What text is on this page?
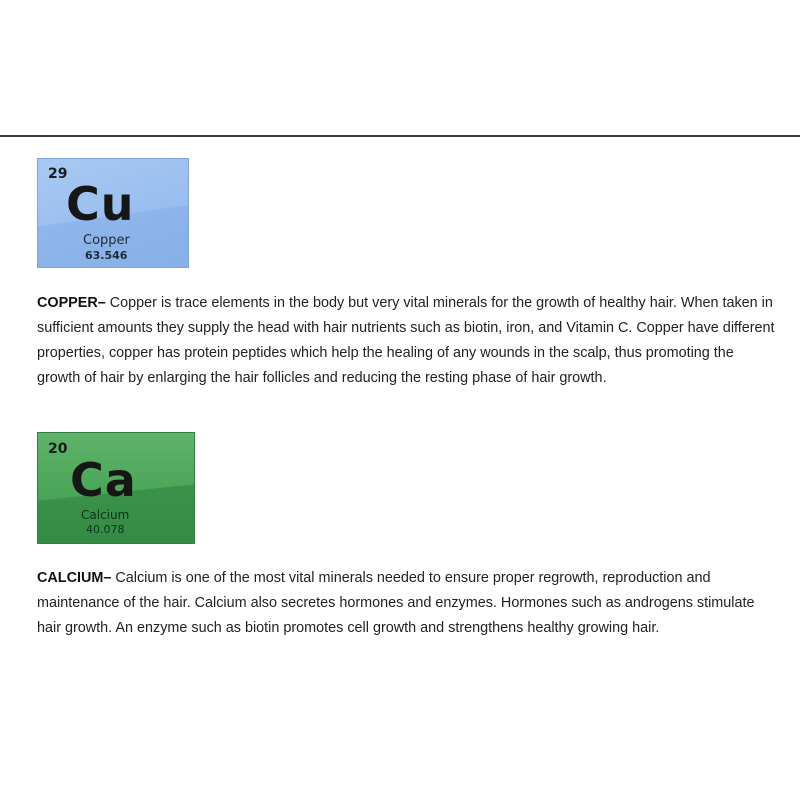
29
Cu
Copper
63.546

COPPER– Copper is trace elements in the body but very vital minerals for the growth of healthy hair. When taken in sufficient amounts they supply the head with hair nutrients such as biotin, iron, and Vitamin C. Copper have different properties, copper has protein peptides which help the healing of any wounds in the scalp, thus promoting the growth of hair by enlarging the hair follicles and reducing the resting phase of hair growth.

20
Ca
Calcium
40.078

CALCIUM– Calcium is one of the most vital minerals needed to ensure proper regrowth, reproduction and maintenance of the hair. Calcium also secretes hormones and enzymes. Hormones such as androgens stimulate hair growth. An enzyme such as biotin promotes cell growth and strengthens healthy growing hair.
